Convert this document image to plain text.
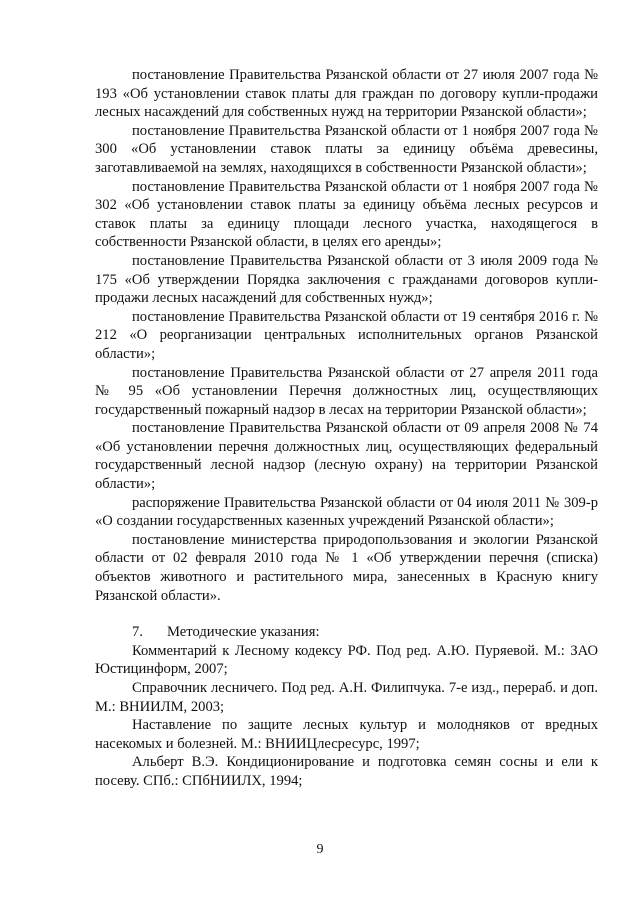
постановление Правительства Рязанской области от 27 июля 2007 года № 193 «Об установлении ставок платы для граждан по договору купли-продажи лесных насаждений для собственных нужд на территории Рязанской области»;

постановление Правительства Рязанской области от 1 ноября 2007 года № 300 «Об установлении ставок платы за единицу объёма древесины, заготавливаемой на землях, находящихся в собственности Рязанской области»;

постановление Правительства Рязанской области от 1 ноября 2007 года № 302 «Об установлении ставок платы за единицу объёма лесных ресурсов и ставок платы за единицу площади лесного участка, находящегося в собственности Рязанской области, в целях его аренды»;

постановление Правительства Рязанской области от 3 июля 2009 года № 175 «Об утверждении Порядка заключения с гражданами договоров купли-продажи лесных насаждений для собственных нужд»;

постановление Правительства Рязанской области от 19 сентября 2016 г. № 212 «О реорганизации центральных исполнительных органов Рязанской области»;

постановление Правительства Рязанской области от 27 апреля 2011 года № 95 «Об установлении Перечня должностных лиц, осуществляющих государственный пожарный надзор в лесах на территории Рязанской области»;

постановление Правительства Рязанской области от 09 апреля 2008 № 74 «Об установлении перечня должностных лиц, осуществляющих федеральный государственный лесной надзор (лесную охрану) на территории Рязанской области»;

распоряжение Правительства Рязанской области от 04 июля 2011 № 309-р «О создании государственных казенных учреждений Рязанской области»;

постановление министерства природопользования и экологии Рязанской области от 02 февраля 2010 года № 1 «Об утверждении перечня (списка) объектов животного и растительного мира, занесенных в Красную книгу Рязанской области».

7. Методические указания:

Комментарий к Лесному кодексу РФ. Под ред. А.Ю. Пуряевой. М.: ЗАО Юстицинформ, 2007;

Справочник лесничего. Под ред. А.Н. Филипчука. 7-е изд., перераб. и доп. М.: ВНИИЛМ, 2003;

Наставление по защите лесных культур и молодняков от вредных насекомых и болезней. М.: ВНИИЦлесресурс, 1997;

Альберт В.Э. Кондиционирование и подготовка семян сосны и ели к посеву. СПб.: СПбНИИЛХ, 1994;

9
